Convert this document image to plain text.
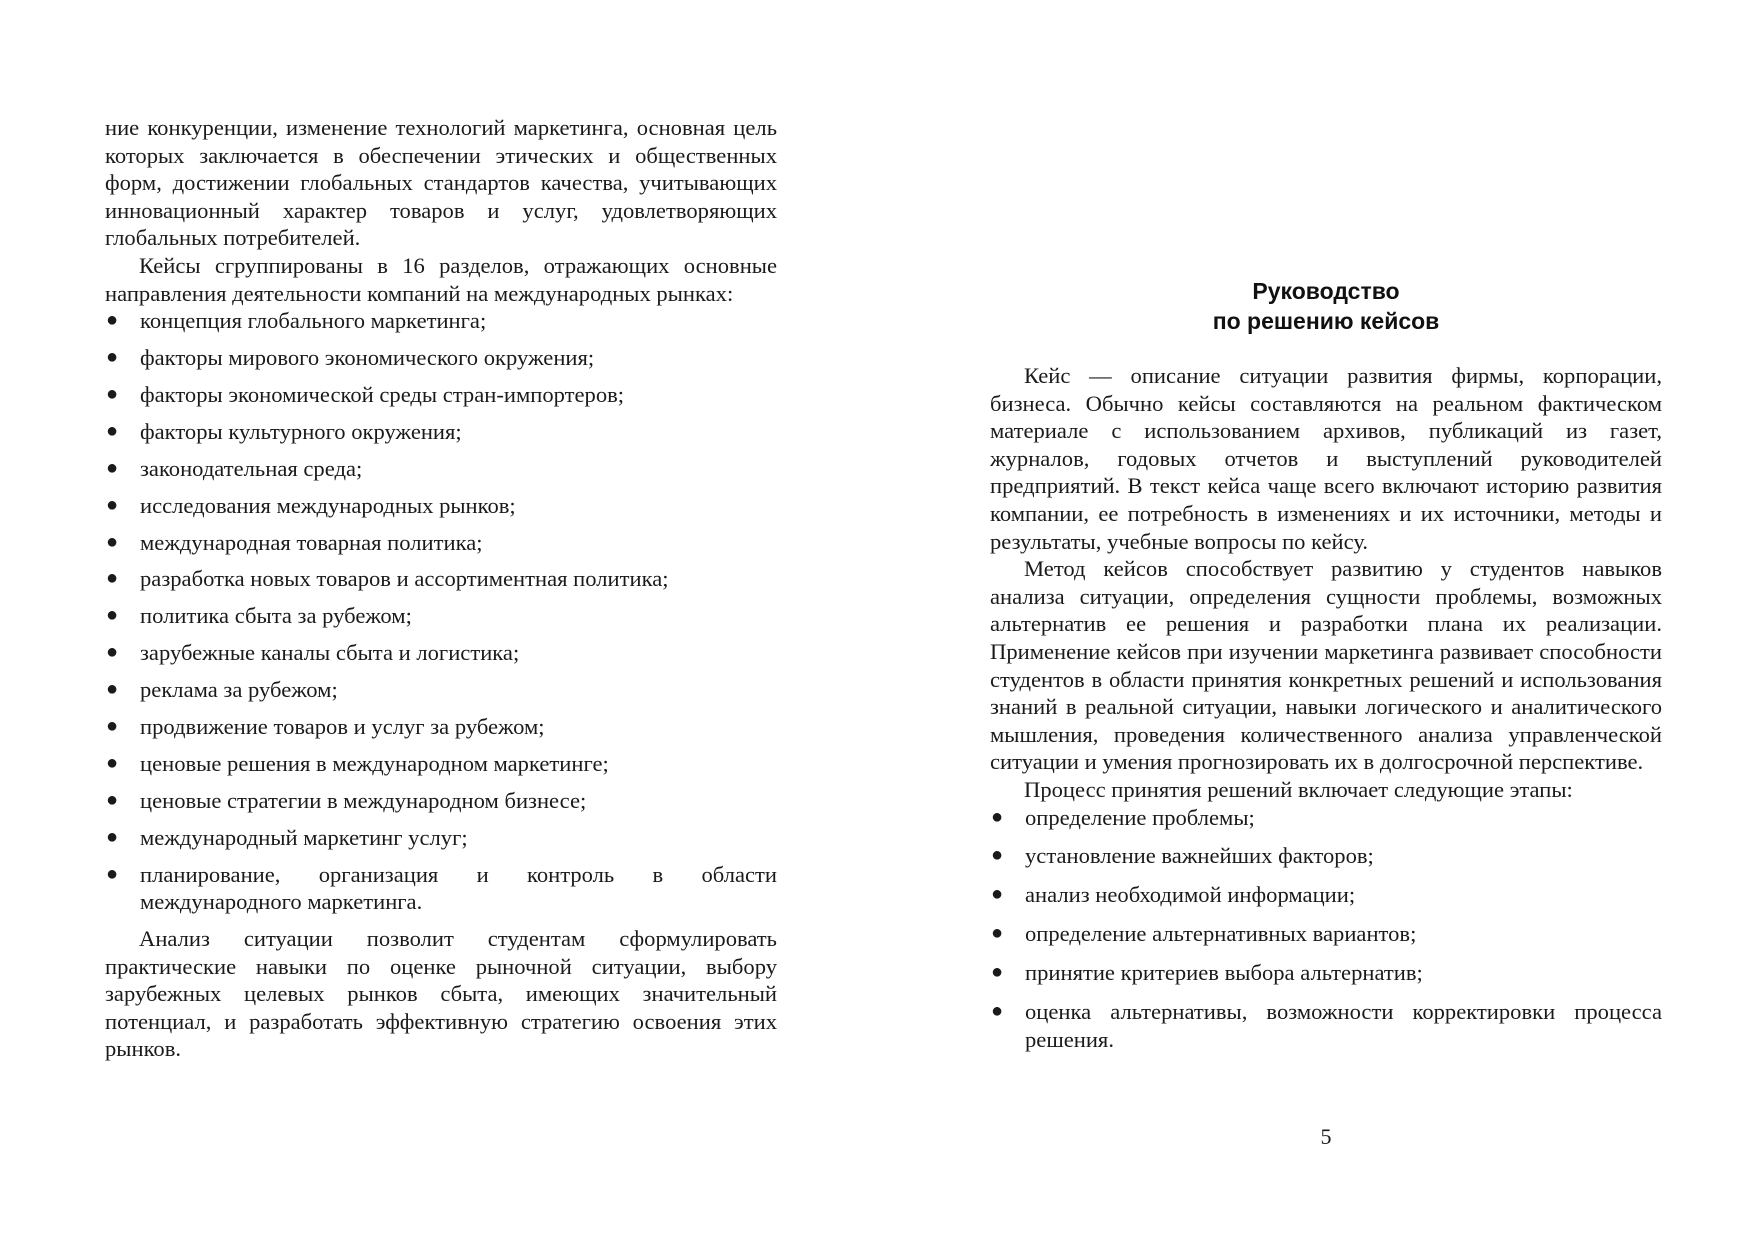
ние конкуренции, изменение технологий маркетинга, основная цель которых заключается в обеспечении этических и общественных форм, достижении глобальных стандартов качества, учитывающих инновационный характер товаров и услуг, удовлетворяющих глобальных потребителей.

Кейсы сгруппированы в 16 разделов, отражающих основные направления деятельности компаний на международных рынках:

● концепция глобального маркетинга;
● факторы мирового экономического окружения;
● факторы экономической среды стран-импортеров;
● факторы культурного окружения;
● законодательная среда;
● исследования международных рынков;
● международная товарная политика;
● разработка новых товаров и ассортиментная политика;
● политика сбыта за рубежом;
● зарубежные каналы сбыта и логистика;
● реклама за рубежом;
● продвижение товаров и услуг за рубежом;
● ценовые решения в международном маркетинге;
● ценовые стратегии в международном бизнесе;
● международный маркетинг услуг;
● планирование, организация и контроль в области международного маркетинга.

Анализ ситуации позволит студентам сформулировать практические навыки по оценке рыночной ситуации, выбору зарубежных целевых рынков сбыта, имеющих значительный потенциал, и разработать эффективную стратегию освоения этих рынков.

Руководство
по решению кейсов

Кейс — описание ситуации развития фирмы, корпорации, бизнеса. Обычно кейсы составляются на реальном фактическом материале с использованием архивов, публикаций из газет, журналов, годовых отчетов и выступлений руководителей предприятий. В текст кейса чаще всего включают историю развития компании, ее потребность в изменениях и их источники, методы и результаты, учебные вопросы по кейсу.

Метод кейсов способствует развитию у студентов навыков анализа ситуации, определения сущности проблемы, возможных альтернатив ее решения и разработки плана их реализации. Применение кейсов при изучении маркетинга развивает способности студентов в области принятия конкретных решений и использования знаний в реальной ситуации, навыки логического и аналитического мышления, проведения количественного анализа управленческой ситуации и умения прогнозировать их в долгосрочной перспективе.

Процесс принятия решений включает следующие этапы:

● определение проблемы;
● установление важнейших факторов;
● анализ необходимой информации;
● определение альтернативных вариантов;
● принятие критериев выбора альтернатив;
● оценка альтернативы, возможности корректировки процесса решения.
5
